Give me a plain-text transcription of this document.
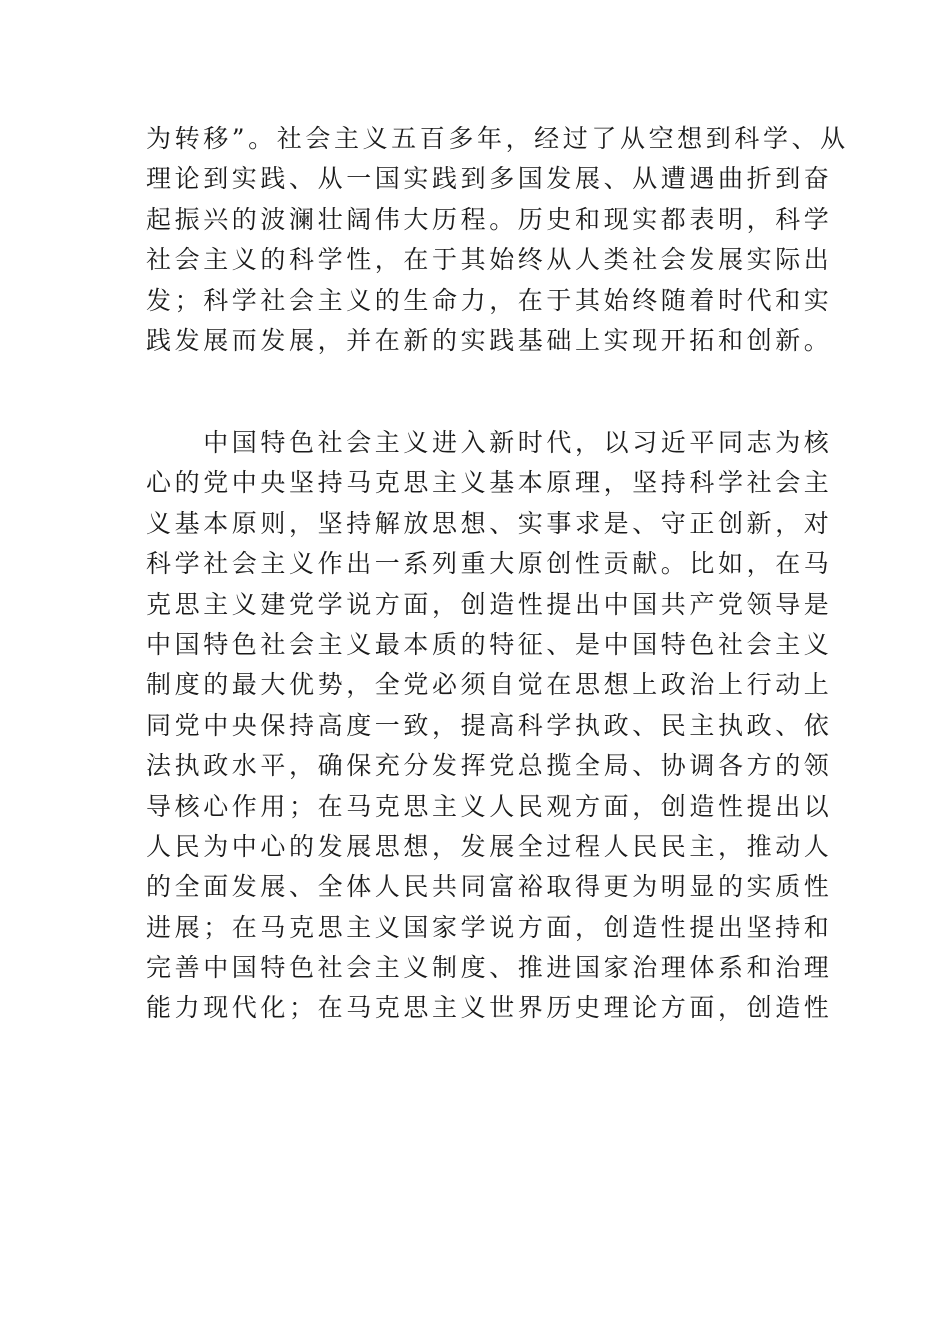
为转移”。社会主义五百多年，经过了从空想到科学、从
理论到实践、从一国实践到多国发展、从遭遇曲折到奋
起振兴的波澜壮阔伟大历程。历史和现实都表明，科学
社会主义的科学性，在于其始终从人类社会发展实际出
发；科学社会主义的生命力，在于其始终随着时代和实
践发展而发展，并在新的实践基础上实现开拓和创新。
　　中国特色社会主义进入新时代，以习近平同志为核
心的党中央坚持马克思主义基本原理，坚持科学社会主
义基本原则，坚持解放思想、实事求是、守正创新，对
科学社会主义作出一系列重大原创性贡献。比如，在马
克思主义建党学说方面，创造性提出中国共产党领导是
中国特色社会主义最本质的特征、是中国特色社会主义
制度的最大优势，全党必须自觉在思想上政治上行动上
同党中央保持高度一致，提高科学执政、民主执政、依
法执政水平，确保充分发挥党总揽全局、协调各方的领
导核心作用；在马克思主义人民观方面，创造性提出以
人民为中心的发展思想，发展全过程人民民主，推动人
的全面发展、全体人民共同富裕取得更为明显的实质性
进展；在马克思主义国家学说方面，创造性提出坚持和
完善中国特色社会主义制度、推进国家治理体系和治理
能力现代化；在马克思主义世界历史理论方面，创造性
